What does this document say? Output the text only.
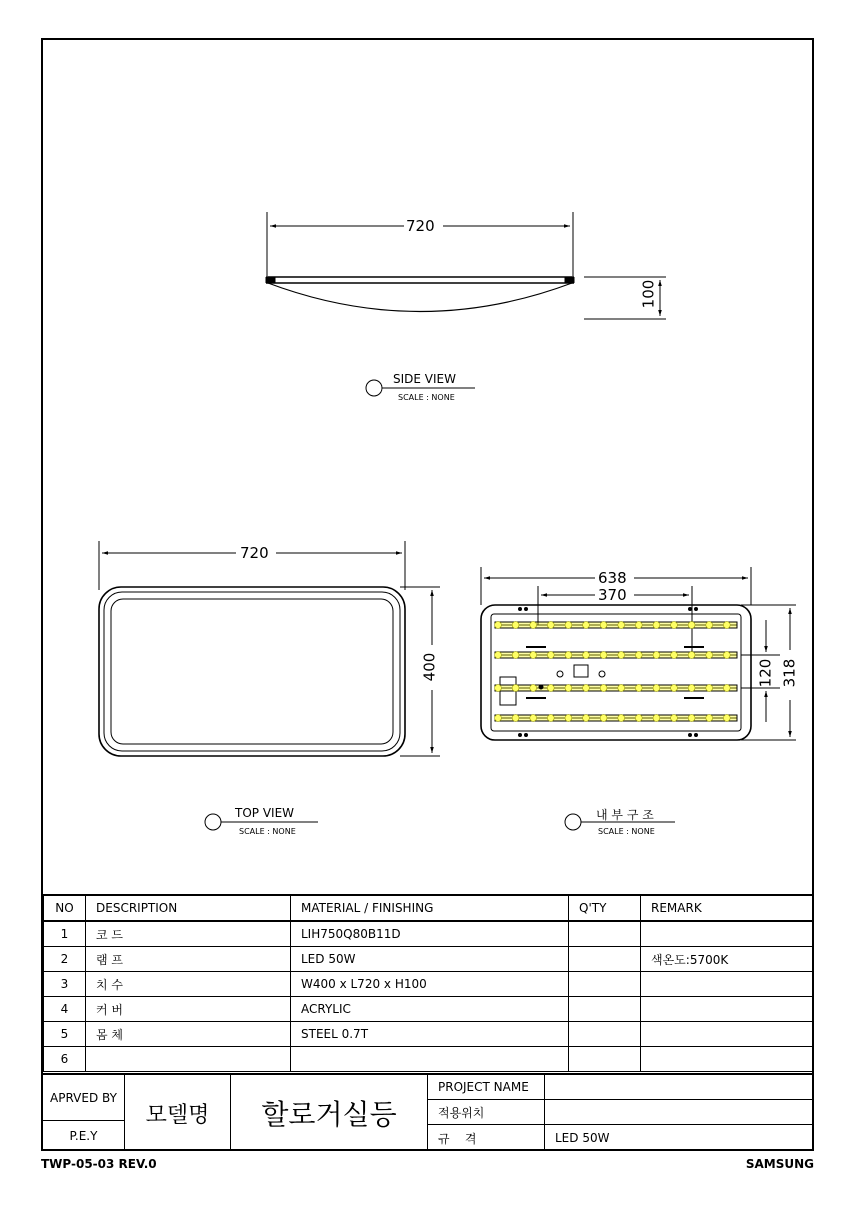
720
100
SIDE VIEW
SCALE : NONE
720
400
TOP VIEW
SCALE : NONE
638
370
120 318
내 부 구 조
SCALE : NONE
NO	DESCRIPTION	MATERIAL / FINISHING	Q'TY	REMARK
1	코 드	LIH750Q80B11D		
2	램 프	LED 50W		색온도:5700K
3	치 수	W400 x L720 x H100		
4	커 버	ACRYLIC		
5	몸 체	STEEL 0.7T		
6				
APRVED BY
P.E.Y
모델명	할로거실등
PROJECT NAME
적용위치
규    격	LED 50W
TWP-05-03 REV.0	SAMSUNG
